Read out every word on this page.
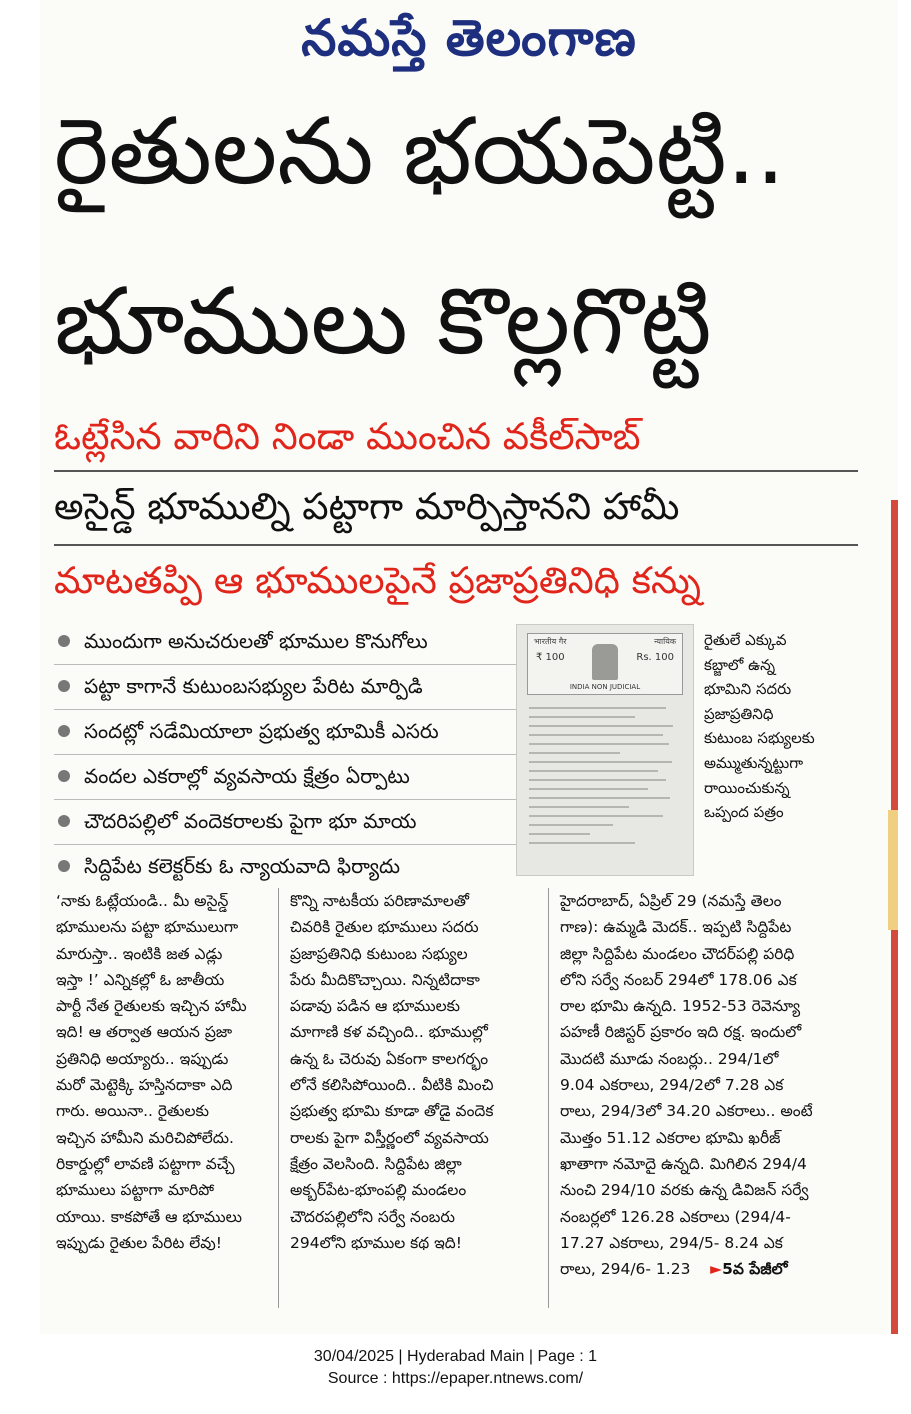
నమస్తే తెలంగాణ
రైతులను భయపెట్టి..
భూములు కొల్లగొట్టి
ఓట్లేసిన వారిని నిండా ముంచిన వకీల్‌సాబ్
అసైన్డ్ భూముల్ని పట్టాగా మార్పిస్తానని హామీ
మాటతప్పి ఆ భూములపైనే ప్రజాప్రతినిధి కన్ను
ముందుగా అనుచరులతో భూముల కొనుగోలు
పట్టా కాగానే కుటుంబసభ్యుల పేరిట మార్పిడి
సందట్లో సడేమియాలా ప్రభుత్వ భూమికీ ఎసరు
వందల ఎకరాల్లో వ్యవసాయ క్షేత్రం ఏర్పాటు
చౌదరిపల్లిలో వందెకరాలకు పైగా భూ మాయ
సిద్దిపేట కలెక్టర్‌కు ఓ న్యాయవాది ఫిర్యాదు
भारतीय गैर	न्यायिक
₹ 100	Rs. 100
INDIA NON JUDICIAL
రైతులే ఎక్కువ
కబ్జాలో ఉన్న
భూమిని సదరు
ప్రజాప్రతినిధి
కుటుంబ సభ్యులకు
అమ్ముతున్నట్టుగా
రాయించుకున్న
ఒప్పంద పత్రం
‘నాకు ఓట్లేయండి.. మీ అసైన్డ్
భూములను పట్టా భూములుగా
మారుస్తా.. ఇంటికి జత ఎడ్లు
ఇస్తా !’ ఎన్నికల్లో ఓ జాతీయ
పార్టీ నేత రైతులకు ఇచ్చిన హామీ
ఇది! ఆ తర్వాత ఆయన ప్రజా
ప్రతినిధి అయ్యారు.. ఇప్పుడు
మరో మెట్టెక్కి హస్తినదాకా ఎది
గారు. అయినా.. రైతులకు
ఇచ్చిన హామీని మరిచిపోలేదు.
రికార్డుల్లో లావణి పట్టాగా వచ్చే
భూములు పట్టాగా మారిపో
యాయి. కాకపోతే ఆ భూములు
ఇప్పుడు రైతుల పేరిట లేవు!
కొన్ని నాటకీయ పరిణామాలతో
చివరికి రైతుల భూములు సదరు
ప్రజాప్రతినిధి కుటుంబ సభ్యుల
పేరు మీదికొచ్చాయి. నిన్నటిదాకా
పడావు పడిన ఆ భూములకు
మాగాణి కళ వచ్చింది.. భూముల్లో
ఉన్న ఓ చెరువు ఏకంగా కాలగర్భం
లోనే కలిసిపోయింది.. వీటికి మించి
ప్రభుత్వ భూమి కూడా తోడై వందెక
రాలకు పైగా విస్తీర్ణంలో వ్యవసాయ
క్షేత్రం వెలసింది. సిద్దిపేట జిల్లా
అక్బర్‌పేట-భూంపల్లి మండలం
చౌదరపల్లిలోని సర్వే నంబరు
294లోని భూముల కథ ఇది!
హైదరాబాద్, ఏప్రిల్ 29 (నమస్తే తెలం
గాణ): ఉమ్మడి మెదక్.. ఇప్పటి సిద్దిపేట
జిల్లా సిద్దిపేట మండలం చౌదర్‌పల్లి పరిధి
లోని సర్వే నంబర్ 294లో 178.06 ఎక
రాల భూమి ఉన్నది. 1952-53 రెవెన్యూ
పహణీ రిజిస్టర్ ప్రకారం ఇది రక్ష. ఇందులో
మొదటి మూడు నంబర్లు.. 294/1లో
9.04 ఎకరాలు, 294/2లో 7.28 ఎక
రాలు, 294/3లో 34.20 ఎకరాలు.. అంటే
మొత్తం 51.12 ఎకరాల భూమి ఖరీజ్
ఖాతాగా నమోదై ఉన్నది. మిగిలిన 294/4
నుంచి 294/10 వరకు ఉన్న డివిజన్ సర్వే
నంబర్లలో 126.28 ఎకరాలు (294/4-
17.27 ఎకరాలు, 294/5- 8.24 ఎక
రాలు, 294/6- 1.23 ►5వ పేజీలో
30/04/2025 | Hyderabad Main | Page : 1
Source : https://epaper.ntnews.com/
